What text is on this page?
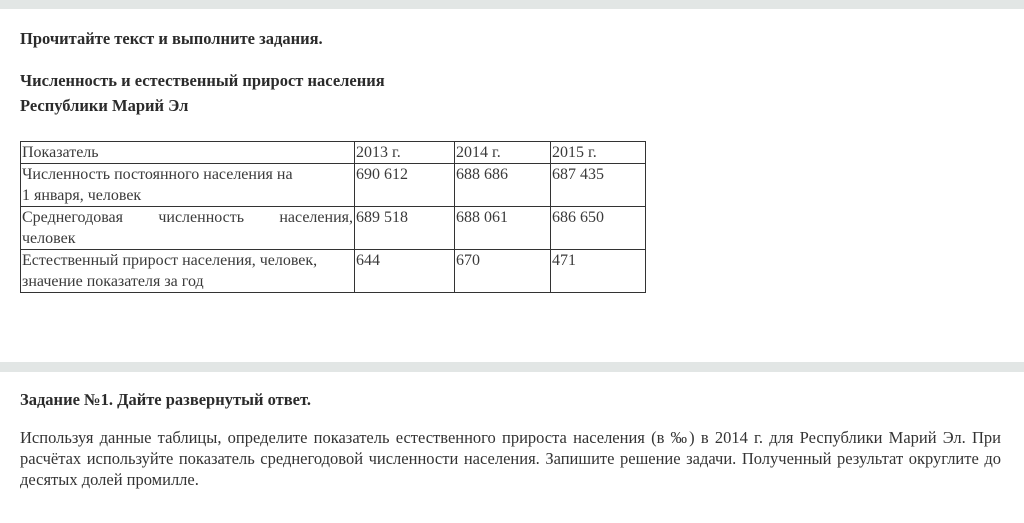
Прочитайте текст и выполните задания.

Численность и естественный прирост населения
Республики Марий Эл

Показатель	2013 г.	2014 г.	2015 г.
Численность постоянного населения на
1 января, человек	690 612	688 686	687 435

Среднегодовая численность населения,
человек	689 518	688 061	686 650
Естественный прирост населения, человек,
значение показателя за год	644	670	471

Задание №1. Дайте развернутый ответ.

Используя данные таблицы, определите показатель естественного прироста населения (в ‰) в 2014 г. для Республики Марий Эл. При расчётах используйте показатель среднегодовой численности населения. Запишите решение задачи. Полученный результат округлите до десятых долей промилле.
